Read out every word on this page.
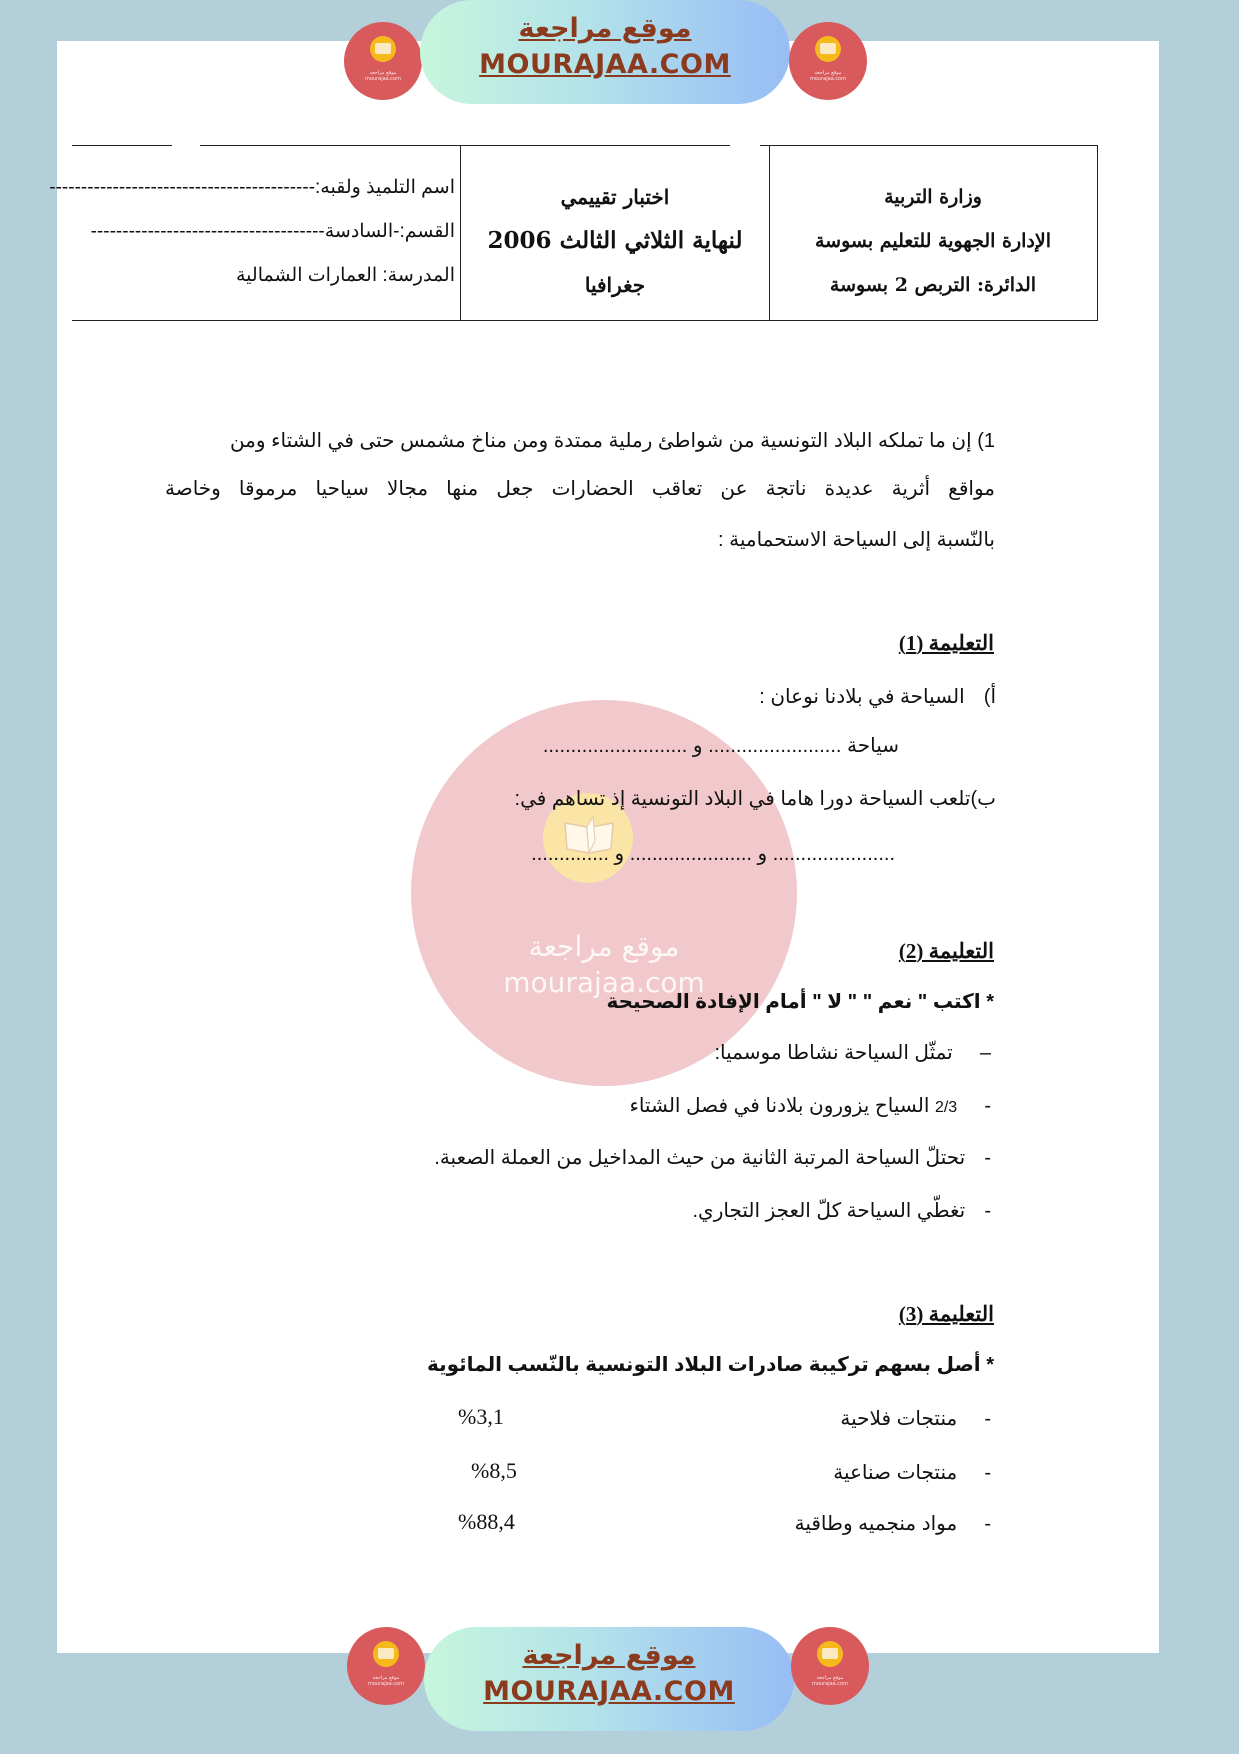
موقع مراجعة mourajaa.com
موقع مراجعة
MOURAJAA.COM	موقع مراجعة mourajaa.com
وزارة التربية
الإدارة الجهوية للتعليم بسوسة
الدائرة: التربص 2 بسوسة
اختبار تقييمي
لنهاية الثلاثي الثالث 2006
جغرافيا
اسم التلميذ ولقبه:------------------------------------------
القسم:-السادسة-------------------------------------
المدرسة: العمارات الشمالية
موقع مراجعة
mourajaa.com
1) إن ما تملكه البلاد التونسية من شواطئ رملية ممتدة ومن مناخ مشمس حتى في الشتاء ومن
مواقع أثرية عديدة ناتجة عن تعاقب الحضارات جعل منها مجالا سياحيا مرموقا وخاصة
بالنّسبة إلى السياحة الاستحمامية :
التعليمة (1)
أ)  السياحة في بلادنا نوعان :
سياحة ........................ و ..........................
ب)تلعب السياحة دورا هاما في البلاد التونسية إذ تساهم في:
...................... و ...................... و ..............
التعليمة (2)
* اكتب " نعم " " لا " أمام الإفادة الصحيحة
–  تمثّل السياحة نشاطا موسميا:
-  2/3 السياح يزورون بلادنا في فصل الشتاء
-  تحتلّ السياحة المرتبة الثانية من حيث المداخيل من العملة الصعبة.
-  تغطّي السياحة كلّ العجز التجاري.
التعليمة (3)
* أصل بسهم تركيبة صادرات البلاد التونسية بالنّسب المائوية
-  منتجات فلاحية
%3,1
-  منتجات صناعية
%8,5
-  مواد منجميه وطاقية
%88,4
موقع مراجعة mourajaa.com
موقع مراجعة
MOURAJAA.COM	موقع مراجعة mourajaa.com
